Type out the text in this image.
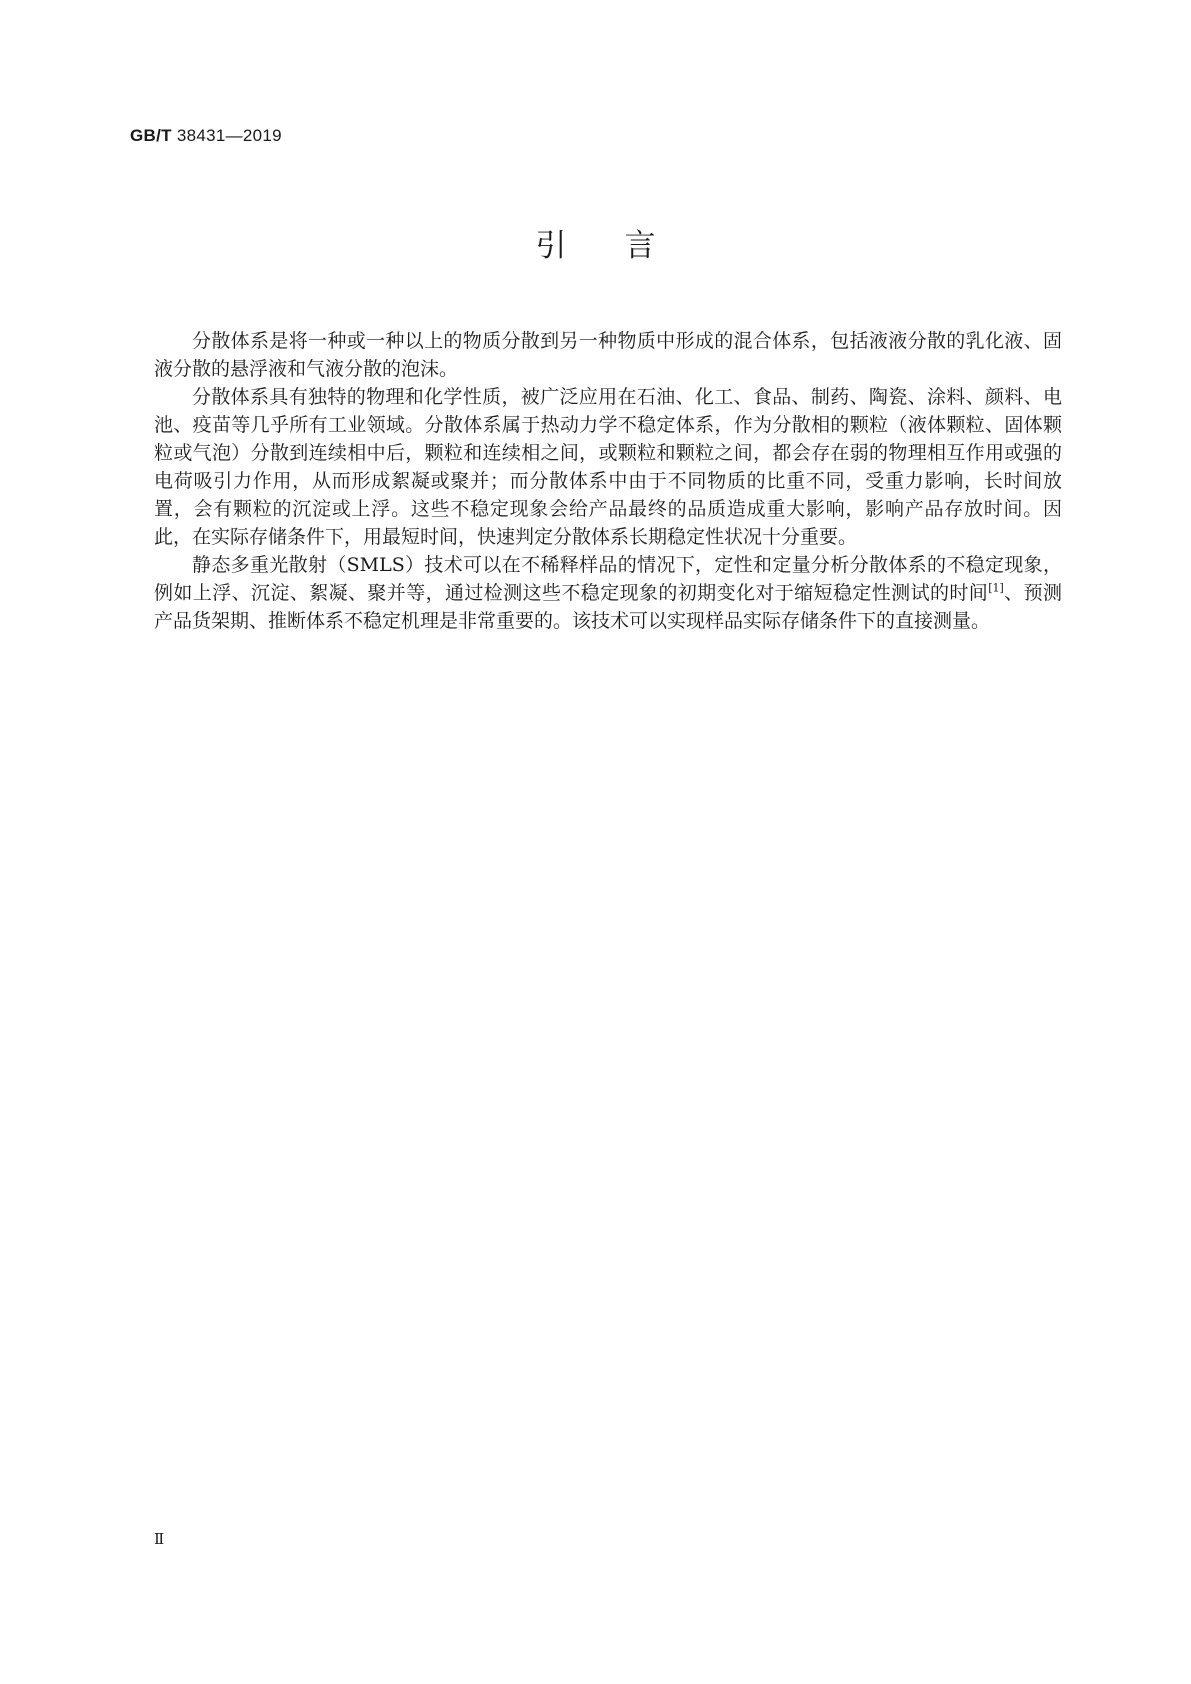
GB/T 38431—2019
引言

分散体系是将一种或一种以上的物质分散到另一种物质中形成的混合体系，包括液液分散的乳化液、固液分散的悬浮液和气液分散的泡沫。

分散体系具有独特的物理和化学性质，被广泛应用在石油、化工、食品、制药、陶瓷、涂料、颜料、电池、疫苗等几乎所有工业领域。分散体系属于热动力学不稳定体系，作为分散相的颗粒（液体颗粒、固体颗粒或气泡）分散到连续相中后，颗粒和连续相之间，或颗粒和颗粒之间，都会存在弱的物理相互作用或强的电荷吸引力作用，从而形成絮凝或聚并；而分散体系中由于不同物质的比重不同，受重力影响，长时间放置，会有颗粒的沉淀或上浮。这些不稳定现象会给产品最终的品质造成重大影响，影响产品存放时间。因此，在实际存储条件下，用最短时间，快速判定分散体系长期稳定性状况十分重要。

静态多重光散射（SMLS）技术可以在不稀释样品的情况下，定性和定量分析分散体系的不稳定现象，例如上浮、沉淀、絮凝、聚并等，通过检测这些不稳定现象的初期变化对于缩短稳定性测试的时间[1]、预测产品货架期、推断体系不稳定机理是非常重要的。该技术可以实现样品实际存储条件下的直接测量。

Ⅱ
